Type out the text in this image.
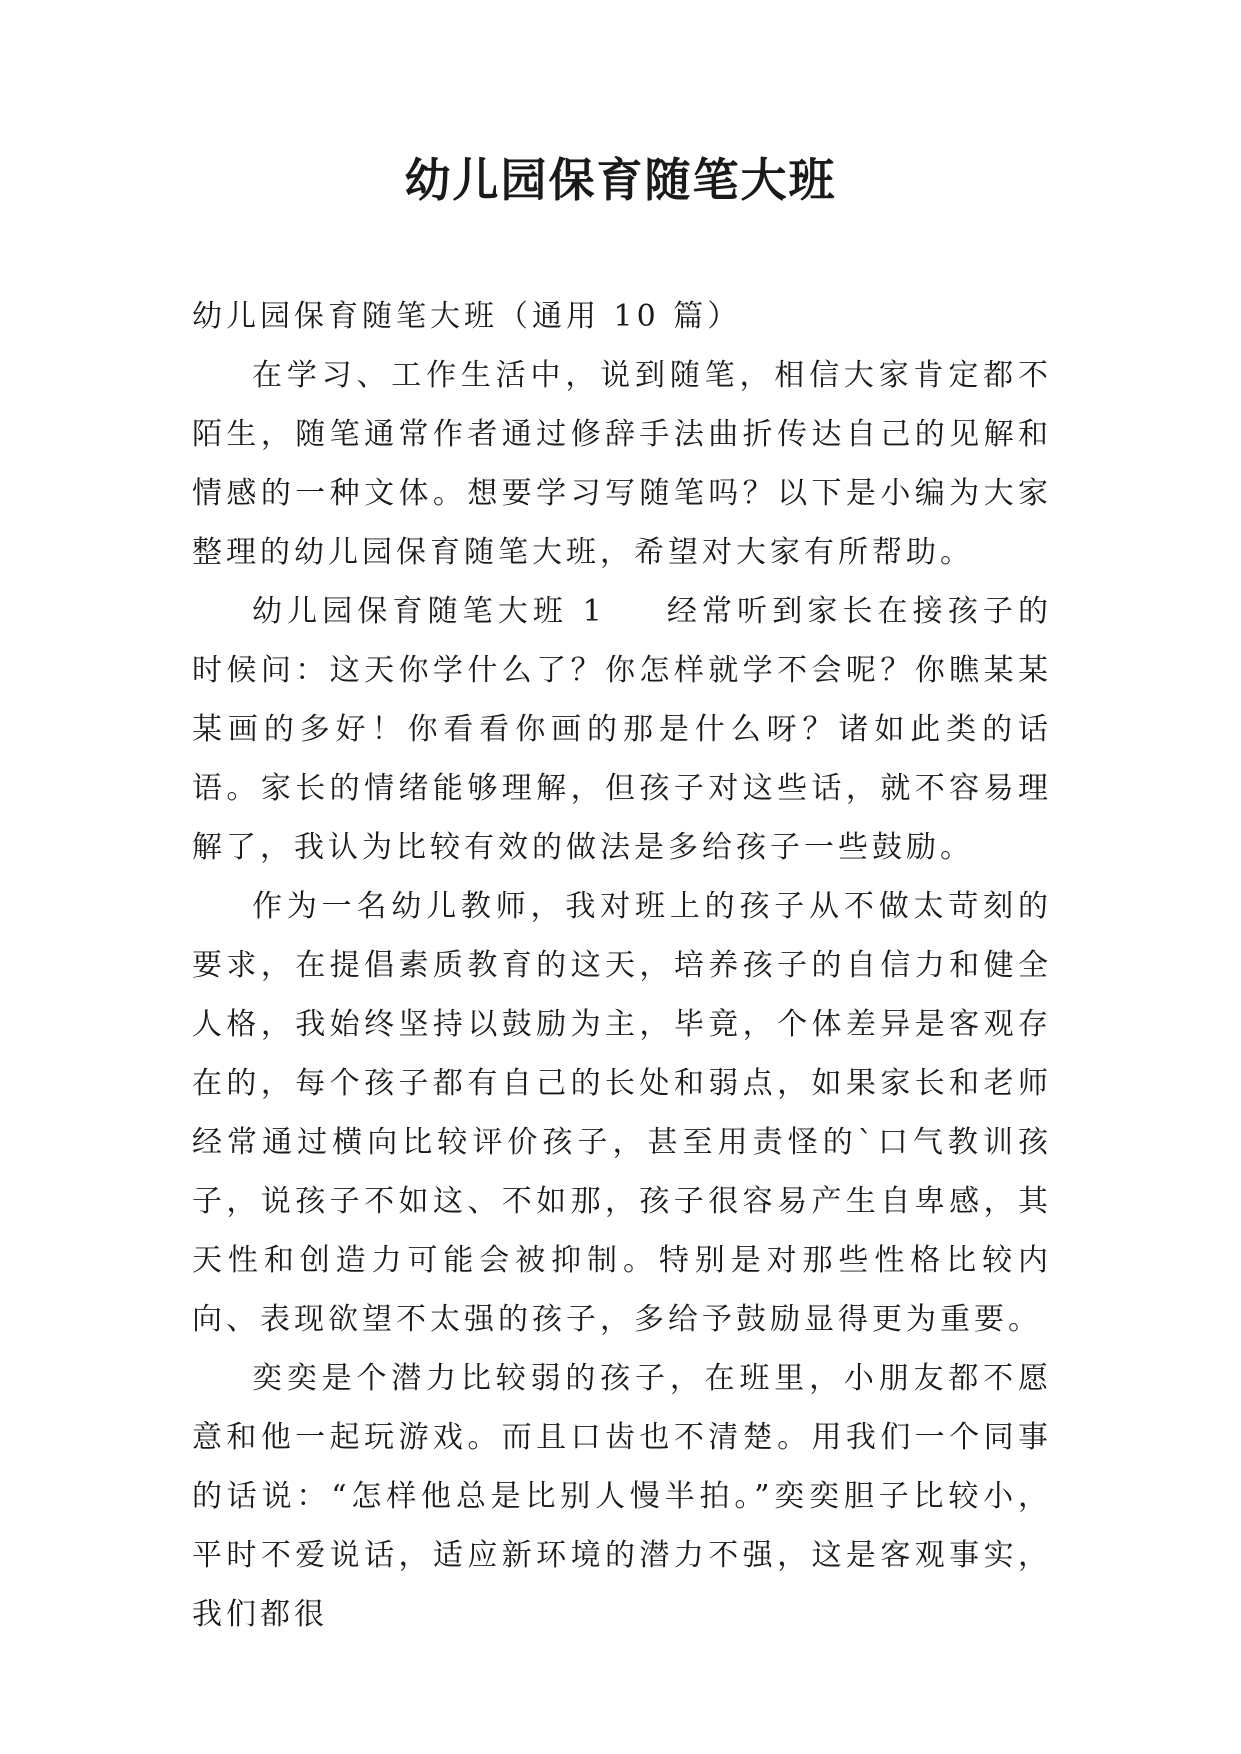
幼儿园保育随笔大班

幼儿园保育随笔大班（通用 10 篇）

在学习、工作生活中，说到随笔，相信大家肯定都不陌生，随笔通常作者通过修辞手法曲折传达自己的见解和情感的一种文体。想要学习写随笔吗？以下是小编为大家整理的幼儿园保育随笔大班，希望对大家有所帮助。

幼儿园保育随笔大班 1 经常听到家长在接孩子的时候问：这天你学什么了？你怎样就学不会呢？你瞧某某某画的多好！你看看你画的那是什么呀？诸如此类的话语。家长的情绪能够理解，但孩子对这些话，就不容易理解了，我认为比较有效的做法是多给孩子一些鼓励。

作为一名幼儿教师，我对班上的孩子从不做太苛刻的要求，在提倡素质教育的这天，培养孩子的自信力和健全人格，我始终坚持以鼓励为主，毕竟，个体差异是客观存在的，每个孩子都有自己的长处和弱点，如果家长和老师经常通过横向比较评价孩子，甚至用责怪的`口气教训孩子，说孩子不如这、不如那，孩子很容易产生自卑感，其天性和创造力可能会被抑制。特别是对那些性格比较内向、表现欲望不太强的孩子，多给予鼓励显得更为重要。

奕奕是个潜力比较弱的孩子，在班里，小朋友都不愿意和他一起玩游戏。而且口齿也不清楚。用我们一个同事的话说：“怎样他总是比别人慢半拍。”奕奕胆子比较小，平时不爱说话，适应新环境的潜力不强，这是客观事实，我们都很
